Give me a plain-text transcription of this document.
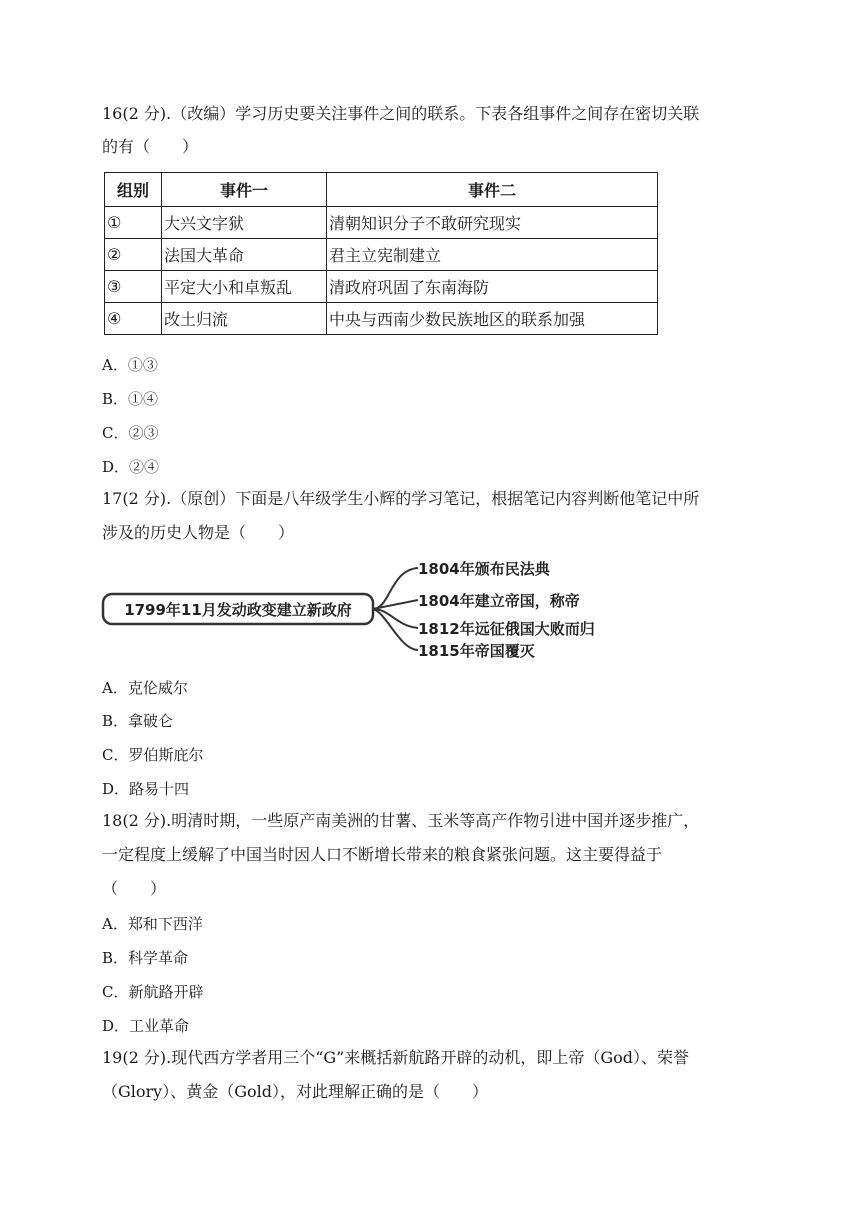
16(2 分).（改编）学习历史要关注事件之间的联系。下表各组事件之间存在密切关联
的有（　　）
组别	事件一	事件二
①	大兴文字狱	清朝知识分子不敢研究现实
②	法国大革命	君主立宪制建立
③	平定大小和卓叛乱	清政府巩固了东南海防
④	改土归流	中央与西南少数民族地区的联系加强
A．①③
B．①④
C．②③
D．②④
17(2 分).（原创）下面是八年级学生小辉的学习笔记，根据笔记内容判断他笔记中所
涉及的历史人物是（　　）
1799年11月发动政变建立新政府
1804年颁布民法典
1804年建立帝国，称帝
1812年远征俄国大败而归
1815年帝国覆灭
A．克伦威尔
B．拿破仑
C．罗伯斯庇尔
D．路易十四
18(2 分).明清时期，一些原产南美洲的甘薯、玉米等高产作物引进中国并逐步推广，
一定程度上缓解了中国当时因人口不断增长带来的粮食紧张问题。这主要得益于
（　　）
A．郑和下西洋
B．科学革命
C．新航路开辟
D．工业革命
19(2 分).现代西方学者用三个“G”来概括新航路开辟的动机，即上帝（God）、荣誉
（Glory）、黄金（Gold），对此理解正确的是（　　）
